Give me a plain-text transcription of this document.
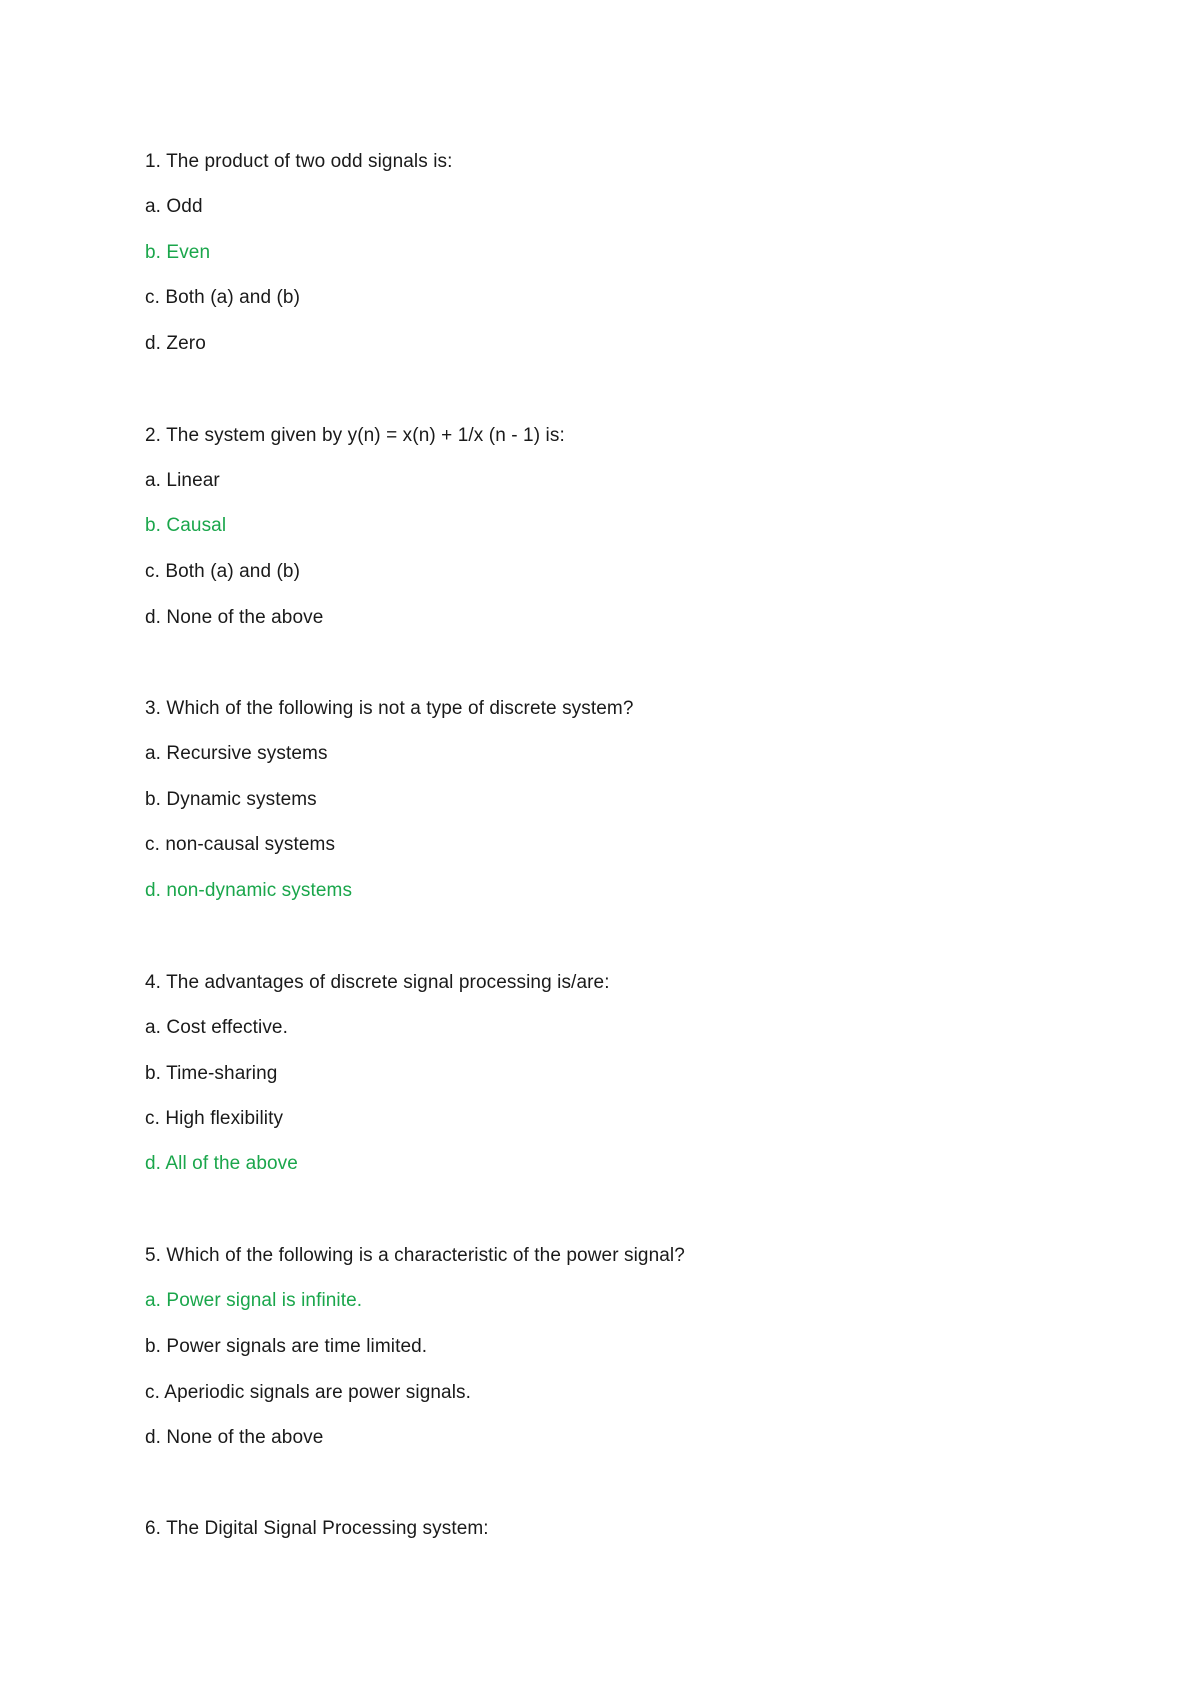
1. The product of two odd signals is:
a. Odd
b. Even
c. Both (a) and (b)
d. Zero
2. The system given by y(n) = x(n) + 1/x (n - 1) is:
a. Linear
b. Causal
c. Both (a) and (b)
d. None of the above
3. Which of the following is not a type of discrete system?
a. Recursive systems
b. Dynamic systems
c. non-causal systems
d. non-dynamic systems
4. The advantages of discrete signal processing is/are:
a. Cost effective.
b. Time-sharing
c. High flexibility
d. All of the above
5. Which of the following is a characteristic of the power signal?
a. Power signal is infinite.
b. Power signals are time limited.
c. Aperiodic signals are power signals.
d. None of the above
6. The Digital Signal Processing system:
